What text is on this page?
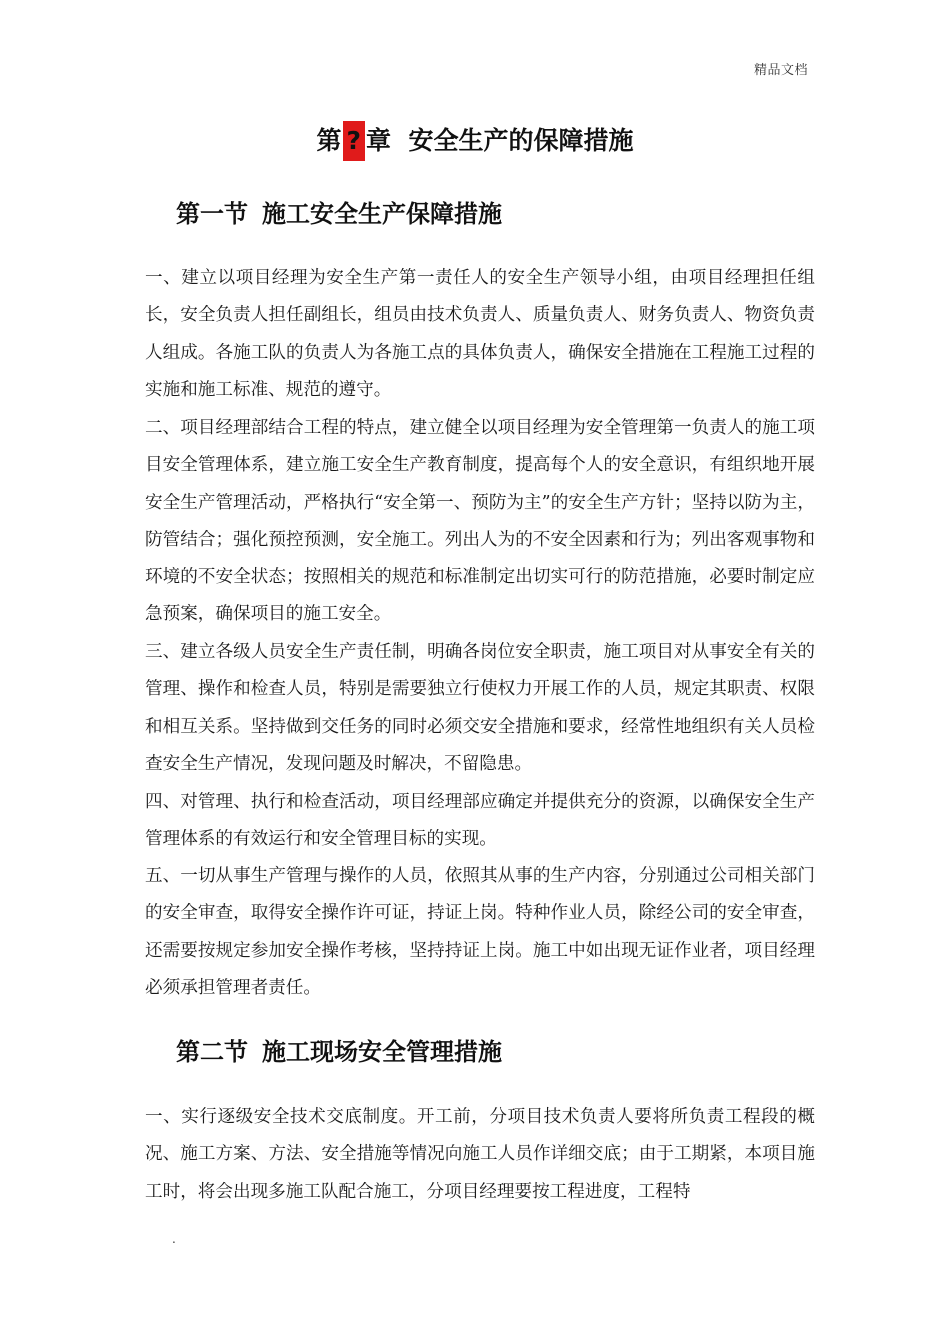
精品文档
第 ? 章 安全生产的保障措施
第一节 施工安全生产保障措施

一、建立以项目经理为安全生产第一责任人的安全生产领导小组，由项目经理担任组长，安全负责人担任副组长，组员由技术负责人、质量负责人、财务负责人、物资负责人组成。各施工队的负责人为各施工点的具体负责人，确保安全措施在工程施工过程的实施和施工标准、规范的遵守。

二、项目经理部结合工程的特点，建立健全以项目经理为安全管理第一负责人的施工项目安全管理体系，建立施工安全生产教育制度，提高每个人的安全意识，有组织地开展安全生产管理活动，严格执行“安全第一、预防为主”的安全生产方针；坚持以防为主，防管结合；强化预控预测，安全施工。列出人为的不安全因素和行为；列出客观事物和环境的不安全状态；按照相关的规范和标准制定出切实可行的防范措施，必要时制定应急预案，确保项目的施工安全。

三、建立各级人员安全生产责任制，明确各岗位安全职责，施工项目对从事安全有关的管理、操作和检查人员，特别是需要独立行使权力开展工作的人员，规定其职责、权限和相互关系。坚持做到交任务的同时必须交安全措施和要求，经常性地组织有关人员检查安全生产情况，发现问题及时解决，不留隐患。

四、对管理、执行和检查活动，项目经理部应确定并提供充分的资源，以确保安全生产管理体系的有效运行和安全管理目标的实现。

五、一切从事生产管理与操作的人员，依照其从事的生产内容，分别通过公司相关部门的安全审查，取得安全操作许可证，持证上岗。特种作业人员，除经公司的安全审查，还需要按规定参加安全操作考核，坚持持证上岗。施工中如出现无证作业者，项目经理必须承担管理者责任。

第二节 施工现场安全管理措施

一、实行逐级安全技术交底制度。开工前，分项目技术负责人要将所负责工程段的概况、施工方案、方法、安全措施等情况向施工人员作详细交底；由于工期紧，本项目施工时，将会出现多施工队配合施工，分项目经理要按工程进度，工程特

.
